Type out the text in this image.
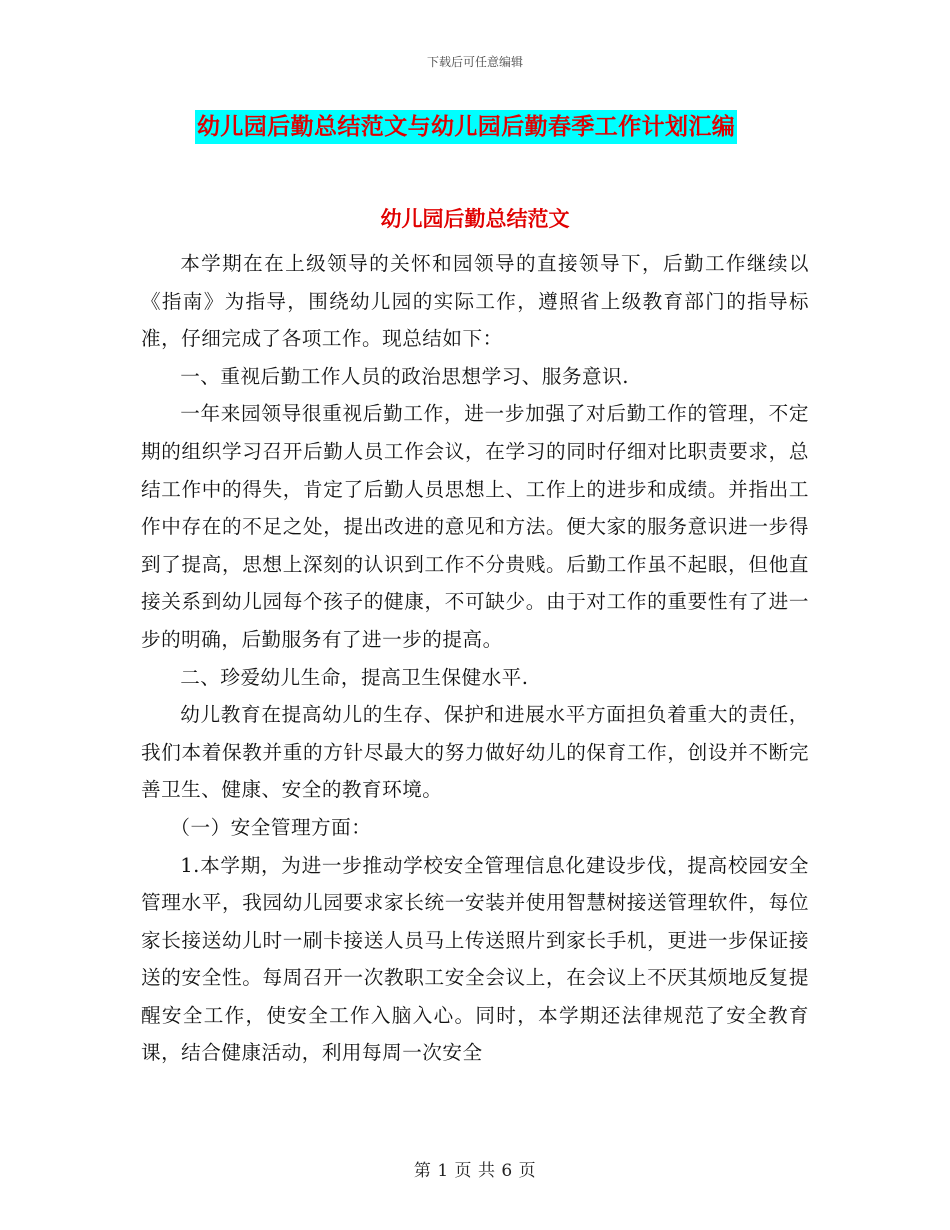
下载后可任意编辑
幼儿园后勤总结范文与幼儿园后勤春季工作计划汇编
幼儿园后勤总结范文

本学期在在上级领导的关怀和园领导的直接领导下，后勤工作继续以《指南》为指导，围绕幼儿园的实际工作，遵照省上级教育部门的指导标准，仔细完成了各项工作。现总结如下：

一、重视后勤工作人员的政治思想学习、服务意识.

一年来园领导很重视后勤工作，进一步加强了对后勤工作的管理，不定期的组织学习召开后勤人员工作会议，在学习的同时仔细对比职责要求，总结工作中的得失，肯定了后勤人员思想上、工作上的进步和成绩。并指出工作中存在的不足之处，提出改进的意见和方法。便大家的服务意识进一步得到了提高，思想上深刻的认识到工作不分贵贱。后勤工作虽不起眼，但他直接关系到幼儿园每个孩子的健康，不可缺少。由于对工作的重要性有了进一步的明确，后勤服务有了进一步的提高。

二、珍爱幼儿生命，提高卫生保健水平.

幼儿教育在提高幼儿的生存、保护和进展水平方面担负着重大的责任，我们本着保教并重的方针尽最大的努力做好幼儿的保育工作，创设并不断完善卫生、健康、安全的教育环境。

（一）安全管理方面：

1.本学期，为进一步推动学校安全管理信息化建设步伐，提高校园安全管理水平，我园幼儿园要求家长统一安装并使用智慧树接送管理软件，每位家长接送幼儿时一刷卡接送人员马上传送照片到家长手机，更进一步保证接送的安全性。每周召开一次教职工安全会议上，在会议上不厌其烦地反复提醒安全工作，使安全工作入脑入心。同时，本学期还法律规范了安全教育课，结合健康活动，利用每周一次安全

第 1 页 共 6 页
